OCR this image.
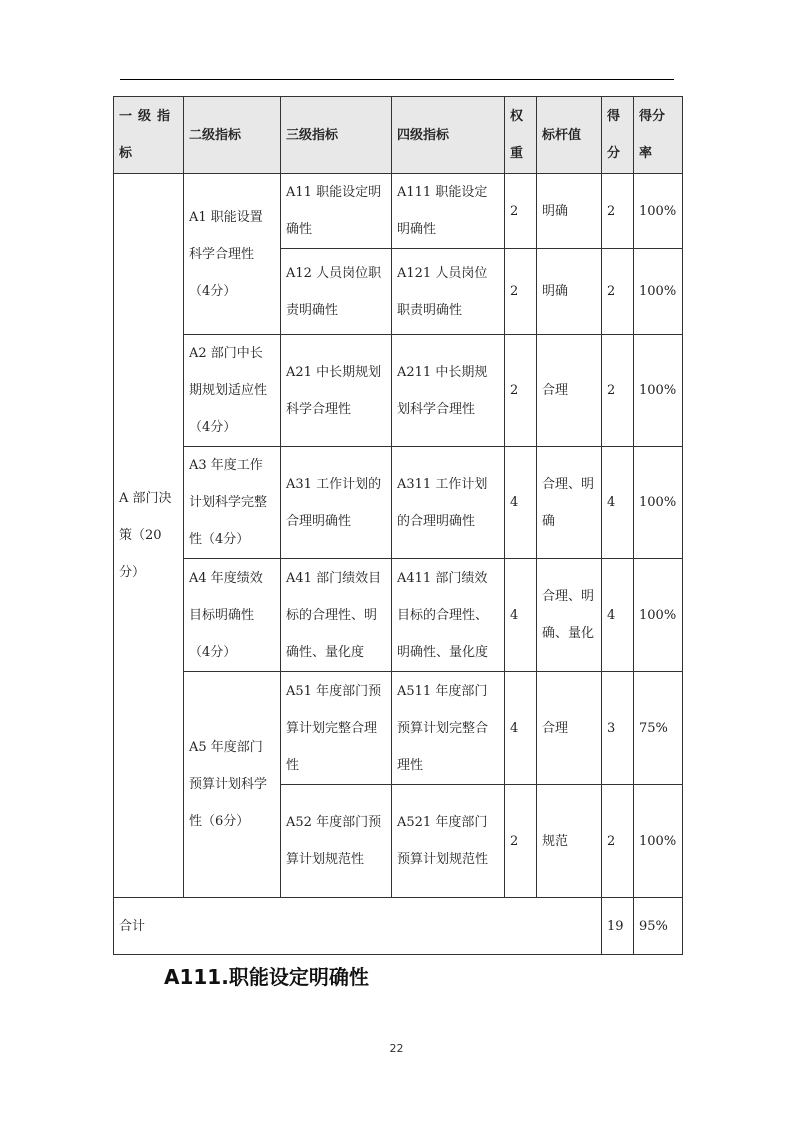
一级指标	二级指标	三级指标	四级指标	权重	标杆值	得分	得分率
A 部门决策（20分）	A1 职能设置科学合理性（4分）	A11 职能设定明确性	A111 职能设定明确性	2	明确	2	100%
		A12 人员岗位职责明确性	A121 人员岗位职责明确性	2	明确	2	100%
	A2 部门中长期规划适应性（4分）	A21 中长期规划科学合理性	A211 中长期规划科学合理性	2	合理	2	100%
	A3 年度工作计划科学完整性（4分）	A31 工作计划的合理明确性	A311 工作计划的合理明确性	4	合理、明确	4	100%
	A4 年度绩效目标明确性（4分）	A41 部门绩效目标的合理性、明确性、量化度	A411 部门绩效目标的合理性、明确性、量化度	4	合理、明确、量化	4	100%
	A5 年度部门预算计划科学性（6分）	A51 年度部门预算计划完整合理性	A511 年度部门预算计划完整合理性	4	合理	3	75%
		A52 年度部门预算计划规范性	A521 年度部门预算计划规范性	2	规范	2	100%
合计						19	95%
A111.职能设定明确性
22
